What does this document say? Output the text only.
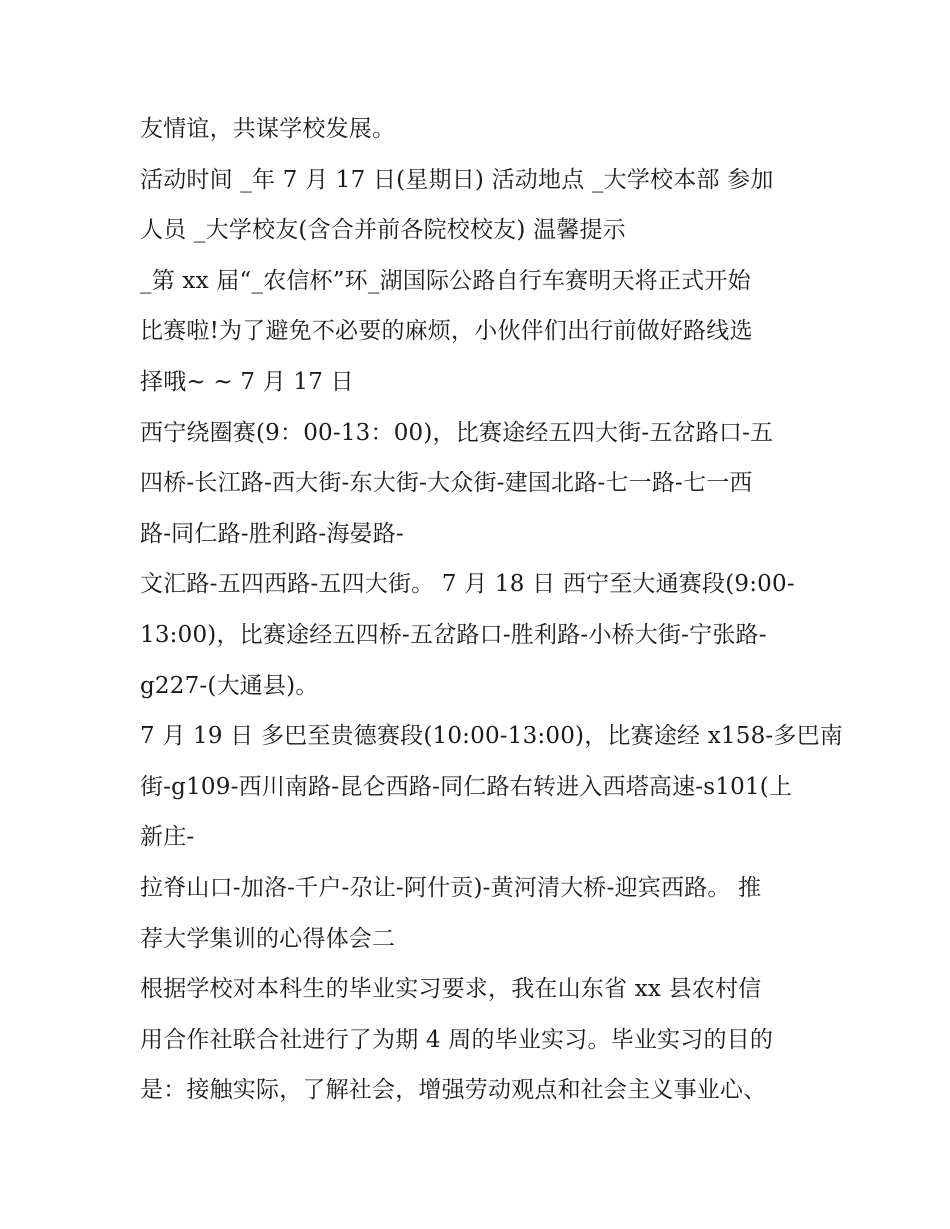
友情谊，共谋学校发展。
活动时间 _年 7 月 17 日(星期日) 活动地点 _大学校本部 参加
人员 _大学校友(含合并前各院校校友) 温馨提示
_第 xx 届“_农信杯”环_湖国际公路自行车赛明天将正式开始
比赛啦!为了避免不必要的麻烦，小伙伴们出行前做好路线选
择哦~ ~ 7 月 17 日
西宁绕圈赛(9：00-13：00)，比赛途经五四大街-五岔路口-五
四桥-长江路-西大街-东大街-大众街-建国北路-七一路-七一西
路-同仁路-胜利路-海晏路-
文汇路-五四西路-五四大街。 7 月 18 日 西宁至大通赛段(9:00-
13:00)，比赛途经五四桥-五岔路口-胜利路-小桥大街-宁张路-
g227-(大通县)。
7 月 19 日 多巴至贵德赛段(10:00-13:00)，比赛途经 x158-多巴南
街-g109-西川南路-昆仑西路-同仁路右转进入西塔高速-s101(上
新庄-
拉脊山口-加洛-千户-尕让-阿什贡)-黄河清大桥-迎宾西路。 推
荐大学集训的心得体会二
根据学校对本科生的毕业实习要求，我在山东省 xx 县农村信
用合作社联合社进行了为期 4 周的毕业实习。毕业实习的目的
是：接触实际，了解社会，增强劳动观点和社会主义事业心、
